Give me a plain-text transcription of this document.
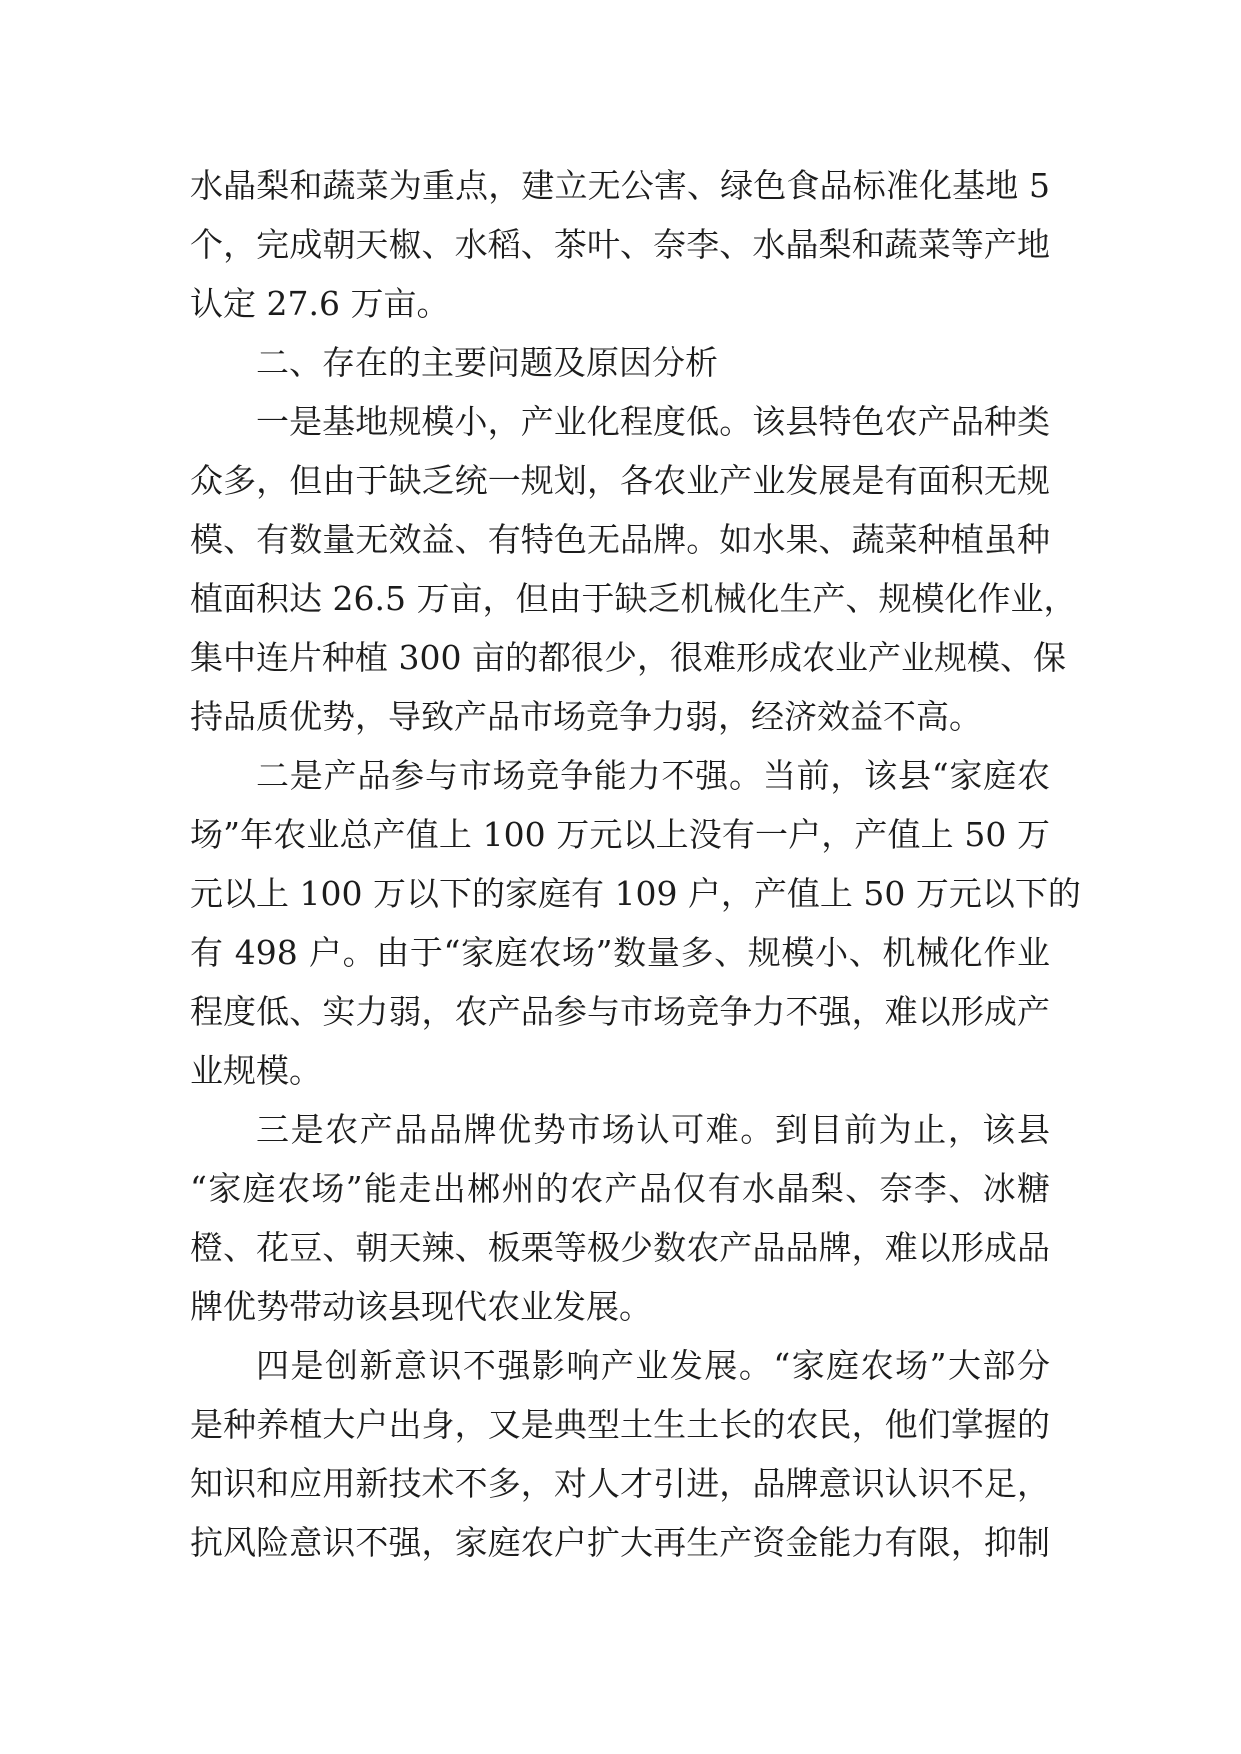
水晶梨和蔬菜为重点，建立无公害、绿色食品标准化基地 5
个，完成朝天椒、水稻、茶叶、奈李、水晶梨和蔬菜等产地
认定 27.6 万亩。
二、存在的主要问题及原因分析
一是基地规模小，产业化程度低。该县特色农产品种类
众多，但由于缺乏统一规划，各农业产业发展是有面积无规
模、有数量无效益、有特色无品牌。如水果、蔬菜种植虽种
植面积达 26.5 万亩，但由于缺乏机械化生产、规模化作业，
集中连片种植 300 亩的都很少，很难形成农业产业规模、保
持品质优势，导致产品市场竞争力弱，经济效益不高。
二是产品参与市场竞争能力不强。当前，该县“家庭农
场”年农业总产值上 100 万元以上没有一户，产值上 50 万
元以上 100 万以下的家庭有 109 户，产值上 50 万元以下的
有 498 户。由于“家庭农场”数量多、规模小、机械化作业
程度低、实力弱，农产品参与市场竞争力不强，难以形成产
业规模。
三是农产品品牌优势市场认可难。到目前为止，该县
“家庭农场”能走出郴州的农产品仅有水晶梨、奈李、冰糖
橙、花豆、朝天辣、板栗等极少数农产品品牌，难以形成品
牌优势带动该县现代农业发展。
四是创新意识不强影响产业发展。“家庭农场”大部分
是种养植大户出身，又是典型土生土长的农民，他们掌握的
知识和应用新技术不多，对人才引进，品牌意识认识不足，
抗风险意识不强，家庭农户扩大再生产资金能力有限，抑制
